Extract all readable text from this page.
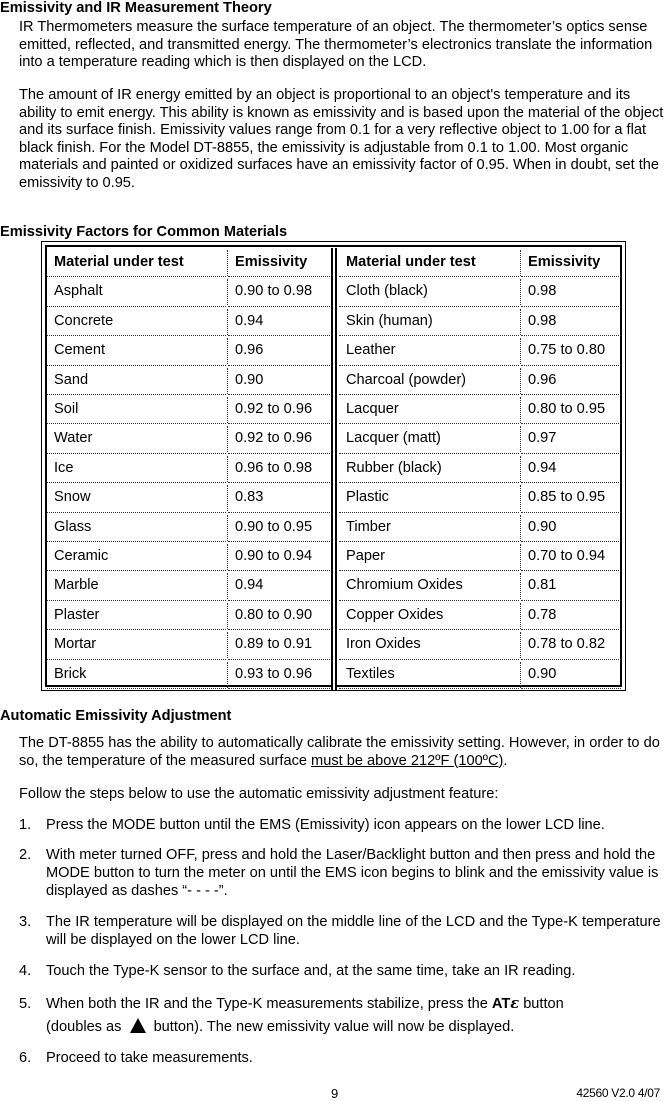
Emissivity and IR Measurement Theory

IR Thermometers measure the surface temperature of an object. The thermometer’s optics sense emitted, reflected, and transmitted energy. The thermometer’s electronics translate the information into a temperature reading which is then displayed on the LCD.

The amount of IR energy emitted by an object is proportional to an object's temperature and its ability to emit energy. This ability is known as emissivity and is based upon the material of the object and its surface finish. Emissivity values range from 0.1 for a very reflective object to 1.00 for a flat black finish. For the Model DT-8855, the emissivity is adjustable from 0.1 to 1.00. Most organic materials and painted or oxidized surfaces have an emissivity factor of 0.95. When in doubt, set the emissivity to 0.95.

Emissivity Factors for Common Materials
Material under test	Emissivity	Material under test	Emissivity
Asphalt	0.90 to 0.98	Cloth (black)	0.98
Concrete	0.94	Skin (human)	0.98
Cement	0.96	Leather	0.75 to 0.80
Sand	0.90	Charcoal (powder)	0.96
Soil	0.92 to 0.96	Lacquer	0.80 to 0.95
Water	0.92 to 0.96	Lacquer (matt)	0.97
Ice	0.96 to 0.98	Rubber (black)	0.94
Snow	0.83	Plastic	0.85 to 0.95
Glass	0.90 to 0.95	Timber	0.90
Ceramic	0.90 to 0.94	Paper	0.70 to 0.94
Marble	0.94	Chromium Oxides	0.81
Plaster	0.80 to 0.90	Copper Oxides	0.78
Mortar	0.89 to 0.91	Iron Oxides	0.78 to 0.82
Brick	0.93 to 0.96	Textiles	0.90
Automatic Emissivity Adjustment

The DT-8855 has the ability to automatically calibrate the emissivity setting. However, in order to do so, the temperature of the measured surface must be above 212ºF (100ºC).

Follow the steps below to use the automatic emissivity adjustment feature:

1.	Press the MODE button until the EMS (Emissivity) icon appears on the lower LCD line.
2.	With meter turned OFF, press and hold the Laser/Backlight button and then press and hold the MODE button to turn the meter on until the EMS icon begins to blink and the emissivity value is displayed as dashes “- - - -”.
3.	The IR temperature will be displayed on the middle line of the LCD and the Type-K temperature will be displayed on the lower LCD line.
4.	Touch the Type-K sensor to the surface and, at the same time, take an IR reading.
5.	When both the IR and the Type-K measurements stabilize, press the ATε button
(doubles as  button). The new emissivity value will now be displayed.
6.	Proceed to take measurements.
9	42560 V2.0 4/07
